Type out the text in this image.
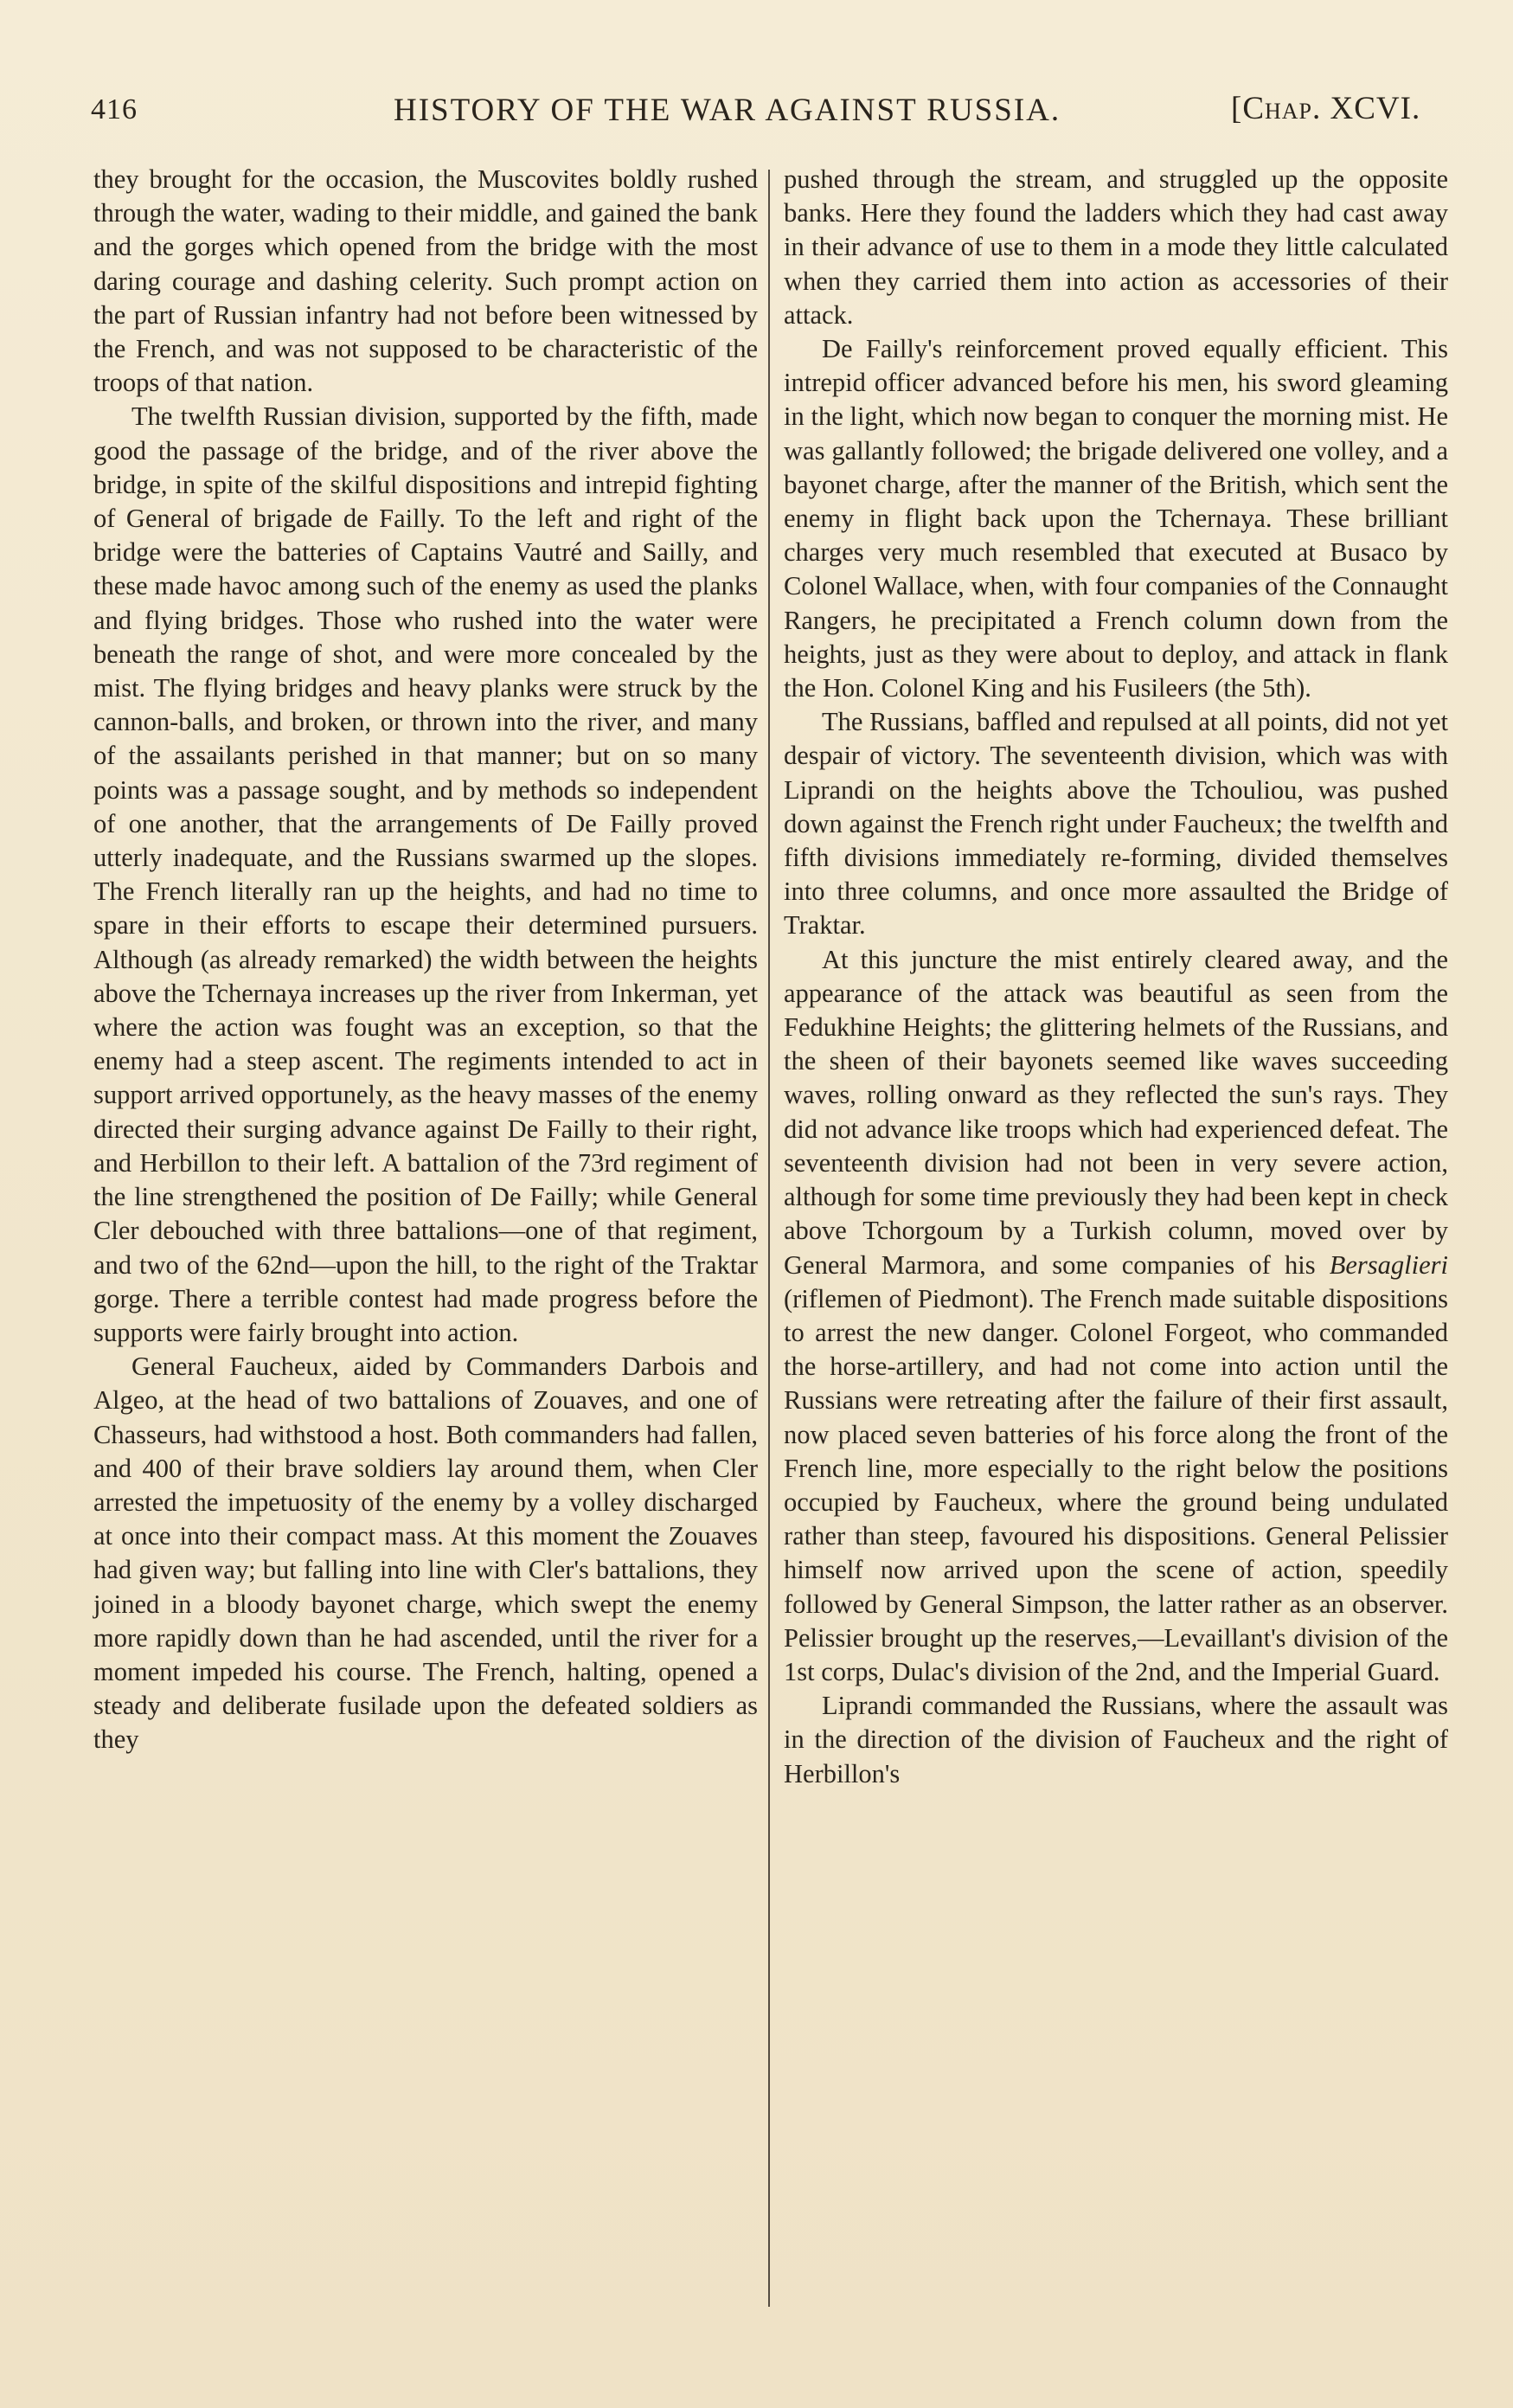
416	HISTORY OF THE WAR AGAINST RUSSIA.	[Chap. XCVI.

they brought for the occasion, the Muscovites boldly rushed through the water, wading to their middle, and gained the bank and the gorges which opened from the bridge with the most daring courage and dashing celerity. Such prompt action on the part of Russian infantry had not before been witnessed by the French, and was not supposed to be characteristic of the troops of that nation.

The twelfth Russian division, supported by the fifth, made good the passage of the bridge, and of the river above the bridge, in spite of the skilful dispositions and intrepid fighting of General of brigade de Failly. To the left and right of the bridge were the batteries of Captains Vautré and Sailly, and these made havoc among such of the enemy as used the planks and flying bridges. Those who rushed into the water were beneath the range of shot, and were more concealed by the mist. The flying bridges and heavy planks were struck by the cannon-balls, and broken, or thrown into the river, and many of the assailants perished in that manner; but on so many points was a passage sought, and by methods so independent of one another, that the arrangements of De Failly proved utterly inadequate, and the Russians swarmed up the slopes. The French literally ran up the heights, and had no time to spare in their efforts to escape their determined pursuers. Although (as already remarked) the width between the heights above the Tchernaya increases up the river from Inkerman, yet where the action was fought was an exception, so that the enemy had a steep ascent. The regiments intended to act in support arrived opportunely, as the heavy masses of the enemy directed their surging advance against De Failly to their right, and Herbillon to their left. A battalion of the 73rd regiment of the line strengthened the position of De Failly; while General Cler debouched with three battalions—one of that regiment, and two of the 62nd—upon the hill, to the right of the Traktar gorge. There a terrible contest had made progress before the supports were fairly brought into action.

General Faucheux, aided by Commanders Darbois and Algeo, at the head of two battalions of Zouaves, and one of Chasseurs, had withstood a host. Both commanders had fallen, and 400 of their brave soldiers lay around them, when Cler arrested the impetuosity of the enemy by a volley discharged at once into their compact mass. At this moment the Zouaves had given way; but falling into line with Cler's battalions, they joined in a bloody bayonet charge, which swept the enemy more rapidly down than he had ascended, until the river for a moment impeded his course. The French, halting, opened a steady and deliberate fusilade upon the defeated soldiers as they

pushed through the stream, and struggled up the opposite banks. Here they found the ladders which they had cast away in their advance of use to them in a mode they little calculated when they carried them into action as accessories of their attack.

De Failly's reinforcement proved equally efficient. This intrepid officer advanced before his men, his sword gleaming in the light, which now began to conquer the morning mist. He was gallantly followed; the brigade delivered one volley, and a bayonet charge, after the manner of the British, which sent the enemy in flight back upon the Tchernaya. These brilliant charges very much resembled that executed at Busaco by Colonel Wallace, when, with four companies of the Connaught Rangers, he precipitated a French column down from the heights, just as they were about to deploy, and attack in flank the Hon. Colonel King and his Fusileers (the 5th).

The Russians, baffled and repulsed at all points, did not yet despair of victory. The seventeenth division, which was with Liprandi on the heights above the Tchouliou, was pushed down against the French right under Faucheux; the twelfth and fifth divisions immediately re-forming, divided themselves into three columns, and once more assaulted the Bridge of Traktar.

At this juncture the mist entirely cleared away, and the appearance of the attack was beautiful as seen from the Fedukhine Heights; the glittering helmets of the Russians, and the sheen of their bayonets seemed like waves succeeding waves, rolling onward as they reflected the sun's rays. They did not advance like troops which had experienced defeat. The seventeenth division had not been in very severe action, although for some time previously they had been kept in check above Tchorgoum by a Turkish column, moved over by General Marmora, and some companies of his Bersaglieri (riflemen of Piedmont). The French made suitable dispositions to arrest the new danger. Colonel Forgeot, who commanded the horse-artillery, and had not come into action until the Russians were retreating after the failure of their first assault, now placed seven batteries of his force along the front of the French line, more especially to the right below the positions occupied by Faucheux, where the ground being undulated rather than steep, favoured his dispositions. General Pelissier himself now arrived upon the scene of action, speedily followed by General Simpson, the latter rather as an observer. Pelissier brought up the reserves,—Levaillant's division of the 1st corps, Dulac's division of the 2nd, and the Imperial Guard.

Liprandi commanded the Russians, where the assault was in the direction of the division of Faucheux and the right of Herbillon's
